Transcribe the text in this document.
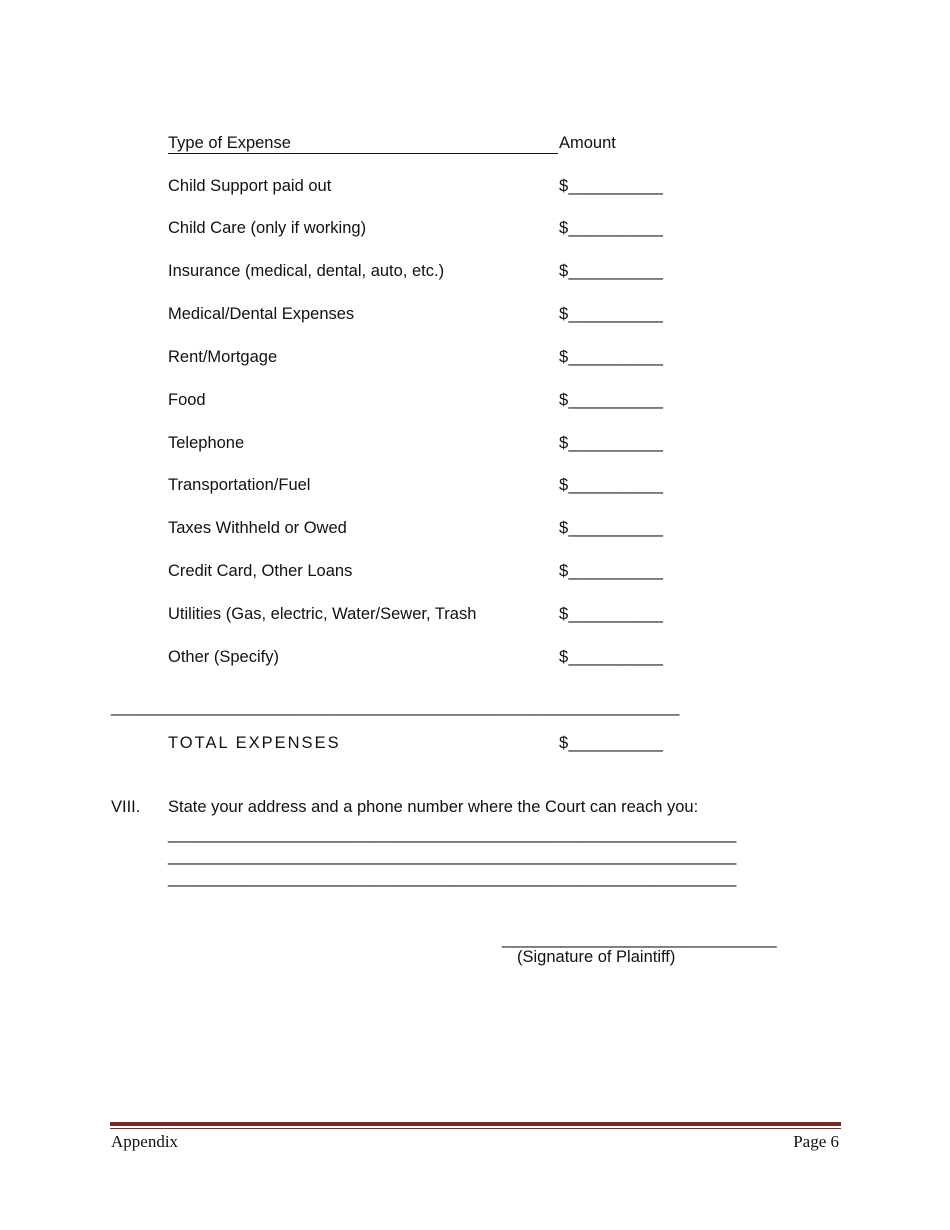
Type of Expense	Amount
Child Support paid out	$__________
Child Care (only if working)	$__________
Insurance (medical, dental, auto, etc.)	$__________
Medical/Dental Expenses	$__________
Rent/Mortgage	$__________
Food	$__________
Telephone	$__________
Transportation/Fuel	$__________
Taxes Withheld or Owed	$__________
Credit Card, Other Loans	$__________
Utilities (Gas, electric, Water/Sewer, Trash	$__________
Other (Specify)	$__________
____________________________________________________________
TOTAL EXPENSES	$__________
VIII. State your address and a phone number where the Court can reach you:
____________________________________________________________
____________________________________________________________
____________________________________________________________
_____________________________
(Signature of Plaintiff)
Appendix	Page 6
